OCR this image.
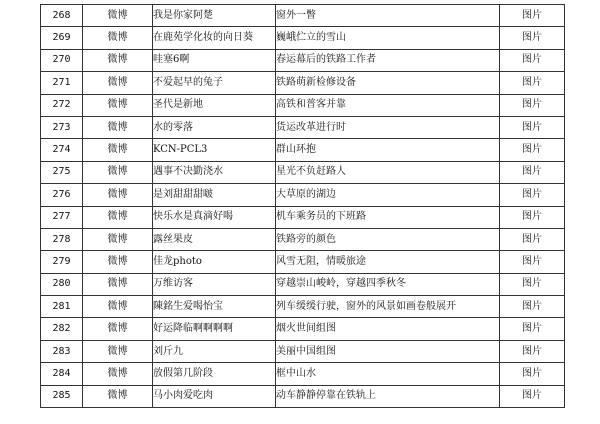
268	微博	我是你家阿楚	窗外一瞥	图片
269	微博	在鹿苑学化妆的向日葵	巍峨伫立的雪山	图片
270	微博	哇塞6啊	春运幕后的铁路工作者	图片
271	微博	不爱起早的兔子	铁路萌新检修设备	图片
272	微博	圣代是新地	高铁和普客并靠	图片
273	微博	水的零落	货运改革进行时	图片
274	微博	KCN-PCL3	群山环抱	图片
275	微博	遇事不决勤浇水	星光不负赶路人	图片
276	微博	是刘甜甜甜啵	大草原的湖边	图片
277	微博	快乐水是真滴好喝	机车乘务员的下班路	图片
278	微博	露丝果皮	铁路旁的颜色	图片
279	微博	佳龙photo	风雪无阻，情暖旅途	图片
280	微博	万维访客	穿越崇山峻岭，穿越四季秋冬	图片
281	微博	陳銘生爱喝怡宝	列车缓缓行驶，窗外的风景如画卷般展开	图片
282	微博	好运降临啊啊啊啊	烟火世间组图	图片
283	微博	刘斤九	美丽中国组图	图片
284	微博	放假第几阶段	框中山水	图片
285	微博	马小肉爱吃肉	动车静静停靠在铁轨上	图片
